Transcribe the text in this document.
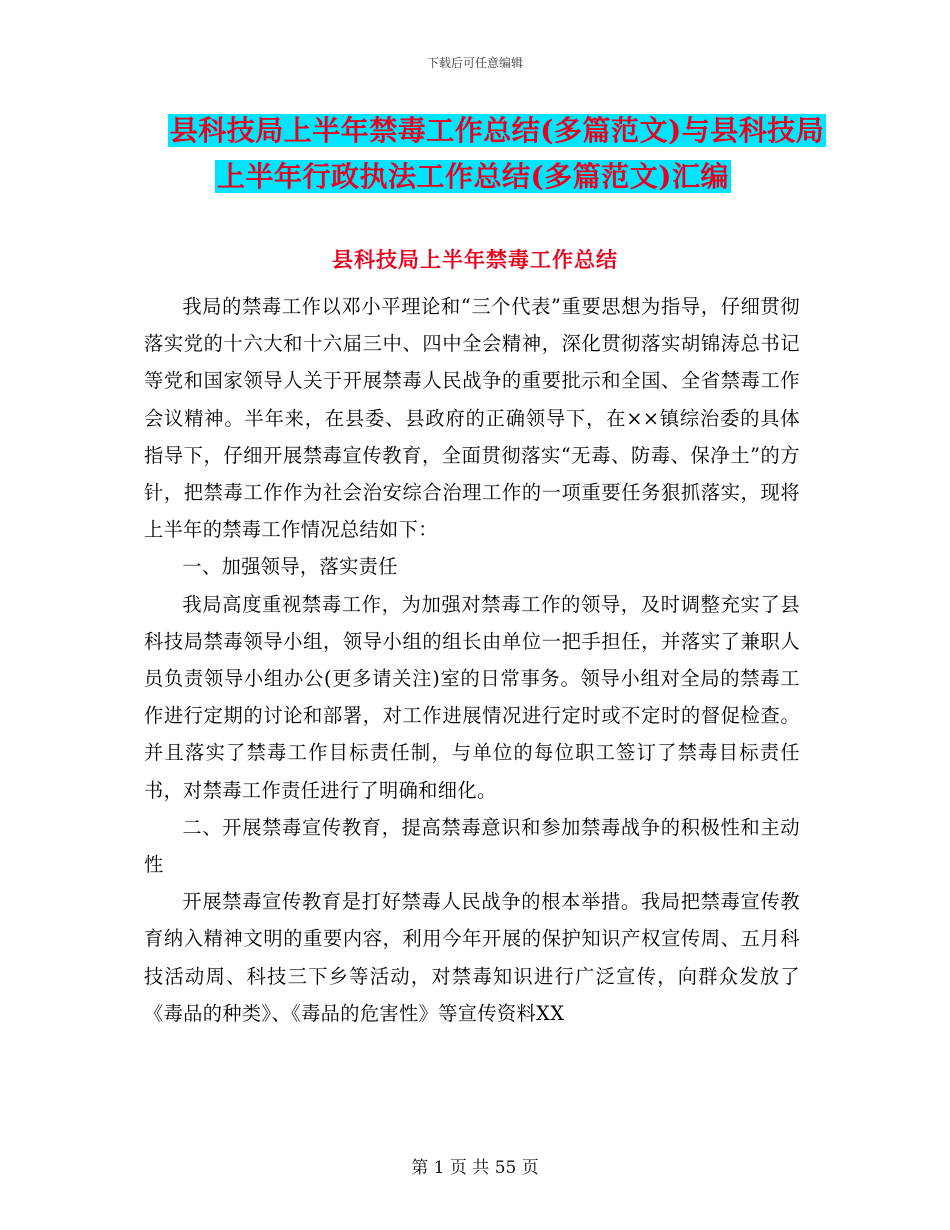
下载后可任意编辑
县科技局上半年禁毒工作总结(多篇范文)与县科技局
上半年行政执法工作总结(多篇范文)汇编
县科技局上半年禁毒工作总结

我局的禁毒工作以邓小平理论和“三个代表”重要思想为指导，仔细贯彻落实党的十六大和十六届三中、四中全会精神，深化贯彻落实胡锦涛总书记等党和国家领导人关于开展禁毒人民战争的重要批示和全国、全省禁毒工作会议精神。半年来，在县委、县政府的正确领导下，在××镇综治委的具体指导下，仔细开展禁毒宣传教育，全面贯彻落实“无毒、防毒、保净土”的方针，把禁毒工作作为社会治安综合治理工作的一项重要任务狠抓落实，现将上半年的禁毒工作情况总结如下：

一、加强领导，落实责任

我局高度重视禁毒工作，为加强对禁毒工作的领导，及时调整充实了县科技局禁毒领导小组，领导小组的组长由单位一把手担任，并落实了兼职人员负责领导小组办公(更多请关注)室的日常事务。领导小组对全局的禁毒工作进行定期的讨论和部署，对工作进展情况进行定时或不定时的督促检查。并且落实了禁毒工作目标责任制，与单位的每位职工签订了禁毒目标责任书，对禁毒工作责任进行了明确和细化。

二、开展禁毒宣传教育，提高禁毒意识和参加禁毒战争的积极性和主动性

开展禁毒宣传教育是打好禁毒人民战争的根本举措。我局把禁毒宣传教育纳入精神文明的重要内容，利用今年开展的保护知识产权宣传周、五月科技活动周、科技三下乡等活动，对禁毒知识进行广泛宣传，向群众发放了《毒品的种类》、《毒品的危害性》等宣传资料XX

第 1 页 共 55 页
